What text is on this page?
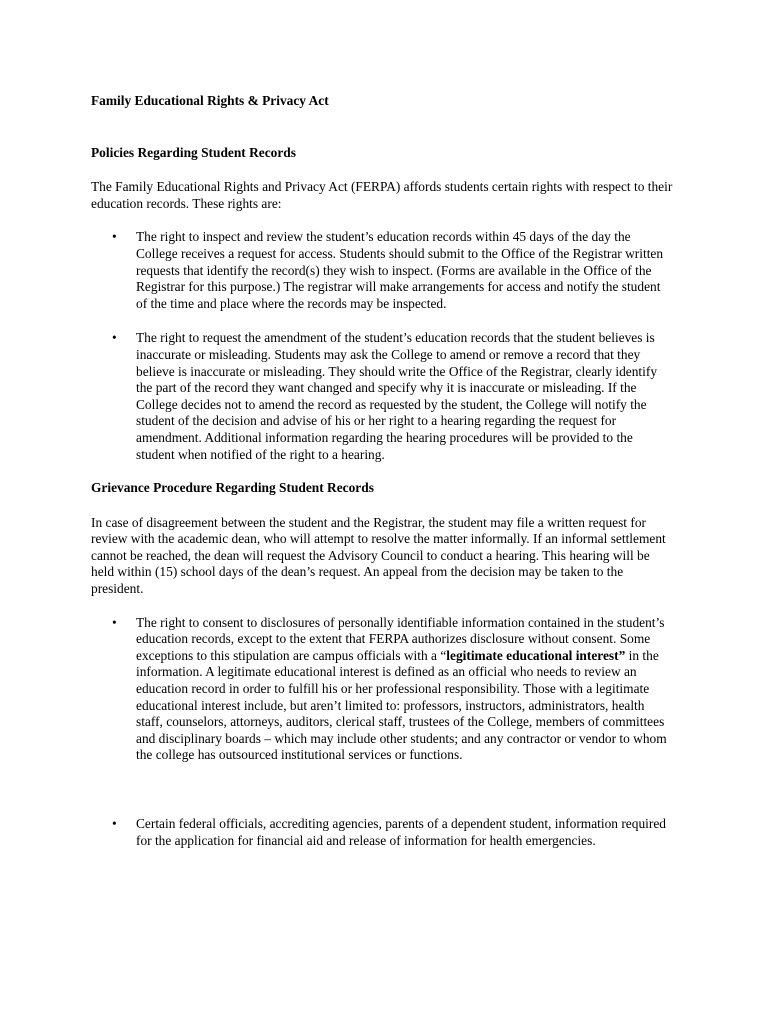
Family Educational Rights & Privacy Act
Policies Regarding Student Records

The Family Educational Rights and Privacy Act (FERPA) affords students certain rights with respect to their education records. These rights are:

• The right to inspect and review the student’s education records within 45 days of the day the College receives a request for access. Students should submit to the Office of the Registrar written requests that identify the record(s) they wish to inspect. (Forms are available in the Office of the Registrar for this purpose.) The registrar will make arrangements for access and notify the student of the time and place where the records may be inspected.
• The right to request the amendment of the student’s education records that the student believes is inaccurate or misleading. Students may ask the College to amend or remove a record that they believe is inaccurate or misleading. They should write the Office of the Registrar, clearly identify the part of the record they want changed and specify why it is inaccurate or misleading. If the College decides not to amend the record as requested by the student, the College will notify the student of the decision and advise of his or her right to a hearing regarding the request for amendment. Additional information regarding the hearing procedures will be provided to the student when notified of the right to a hearing.
Grievance Procedure Regarding Student Records

In case of disagreement between the student and the Registrar, the student may file a written request for review with the academic dean, who will attempt to resolve the matter informally. If an informal settlement cannot be reached, the dean will request the Advisory Council to conduct a hearing. This hearing will be held within (15) school days of the dean’s request. An appeal from the decision may be taken to the president.

• The right to consent to disclosures of personally identifiable information contained in the student’s education records, except to the extent that FERPA authorizes disclosure without consent. Some exceptions to this stipulation are campus officials with a “legitimate educational interest” in the information. A legitimate educational interest is defined as an official who needs to review an education record in order to fulfill his or her professional responsibility. Those with a legitimate educational interest include, but aren’t limited to: professors, instructors, administrators, health staff, counselors, attorneys, auditors, clerical staff, trustees of the College, members of committees and disciplinary boards – which may include other students; and any contractor or vendor to whom the college has outsourced institutional services or functions.
• Certain federal officials, accrediting agencies, parents of a dependent student, information required for the application for financial aid and release of information for health emergencies.
